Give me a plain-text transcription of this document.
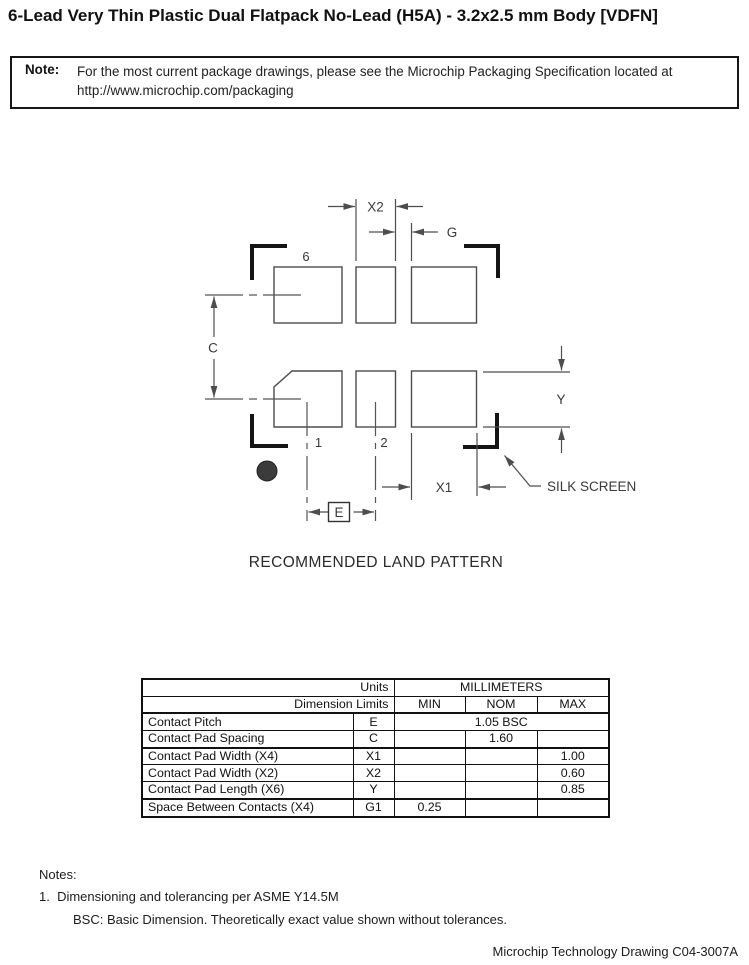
6-Lead Very Thin Plastic Dual Flatpack No-Lead (H5A) - 3.2x2.5 mm Body [VDFN]
Note:	For the most current package drawings, please see the Microchip Packaging Specification located at
http://www.microchip.com/packaging
X2
G
C
Y
X1
E
SILK SCREEN
6
1	2
RECOMMENDED LAND PATTERN
Units		MILLIMETERS		
Dimension Limits		MIN	NOM	MAX
Contact Pitch	E	1.05 BSC		
Contact Pad Spacing	C		1.60	
Contact Pad Width (X4)	X1			1.00
Contact Pad Width (X2)	X2			0.60
Contact Pad Length (X6)	Y			0.85
Space Between Contacts (X4)	G1	0.25		
Notes:
1.  Dimensioning and tolerancing per ASME Y14.5M
BSC: Basic Dimension. Theoretically exact value shown without tolerances.
Microchip Technology Drawing C04-3007A
